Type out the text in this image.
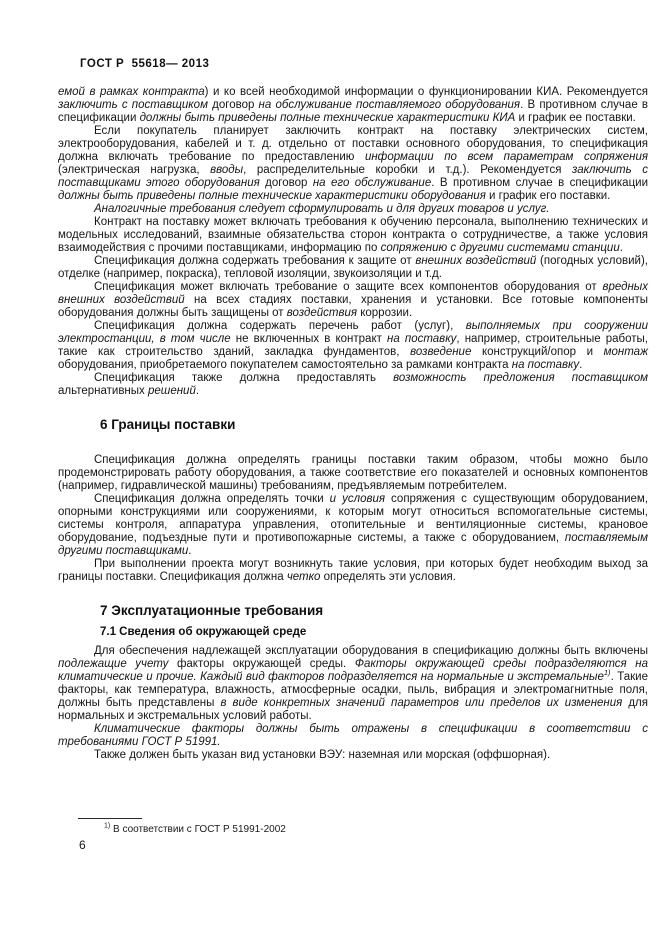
ГОСТ Р  55618— 2013

емой в рамках контракта) и ко всей необходимой информации о функционировании КИА. Рекомендуется заключить с поставщиком договор на обслуживание поставляемого оборудования. В противном случае в спецификации должны быть приведены полные технические характеристики КИА и график ее поставки.

Если покупатель планирует заключить контракт на поставку электрических систем, электрооборудования, кабелей и т. д. отдельно от поставки основного оборудования, то спецификация должна включать требование по предоставлению информации по всем параметрам сопряжения (электрическая нагрузка, вводы, распределительные коробки и т.д.). Рекомендуется заключить с поставщиками этого оборудования договор на его обслуживание. В противном случае в спецификации должны быть приведены полные технические характеристики оборудования и график его поставки.

Аналогичные требования следует сформулировать и для других товаров и услуг.

Контракт на поставку может включать требования к обучению персонала, выполнению технических и модельных исследований, взаимные обязательства сторон контракта о сотрудничестве, а также условия взаимодействия с прочими поставщиками, информацию по сопряжению с другими системами станции.

Спецификация должна содержать требования к защите от внешних воздействий (погодных условий), отделке (например, покраска), тепловой изоляции, звукоизоляции и т.д.

Спецификация может включать требование о защите всех компонентов оборудования от вредных внешних воздействий на всех стадиях поставки, хранения и установки. Все готовые компоненты оборудования должны быть защищены от воздействия коррозии.

Спецификация должна содержать перечень работ (услуг), выполняемых при сооружении электростанции, в том числе не включенных в контракт на поставку, например, строительные работы, такие как строительство зданий, закладка фундаментов, возведение конструкций/опор и монтаж оборудования, приобретаемого покупателем самостоятельно за рамками контракта на поставку.

Спецификация также должна предоставлять возможность предложения поставщиком альтернативных решений.

6 Границы поставки

Спецификация должна определять границы поставки таким образом, чтобы можно было продемонстрировать работу оборудования, а также соответствие его показателей и основных компонентов (например, гидравлической машины) требованиям, предъявляемым потребителем.

Спецификация должна определять точки и условия сопряжения с существующим оборудованием, опорными конструкциями или сооружениями, к которым могут относиться вспомогательные системы, системы контроля, аппаратура управления, отопительные и вентиляционные системы, крановое оборудование, подъездные пути и противопожарные системы, а также с оборудованием, поставляемым другими поставщиками.

При выполнении проекта могут возникнуть такие условия, при которых будет необходим выход за границы поставки. Спецификация должна четко определять эти условия.

7 Эксплуатационные требования
7.1 Сведения об окружающей среде

Для обеспечения надлежащей эксплуатации оборудования в спецификацию должны быть включены подлежащие учету факторы окружающей среды. Факторы окружающей среды подразделяются на климатические и прочие. Каждый вид факторов подразделяется на нормальные и экстремальные$^{1)}$. Такие факторы, как температура, влажность, атмосферные осадки, пыль, вибрация и электромагнитные поля, должны быть представлены в виде конкретных значений параметров или пределов их изменения для нормальных и экстремальных условий работы.

Климатические факторы должны быть отражены в спецификации в соответствии с требованиями ГОСТ Р 51991.

Также должен быть указан вид установки ВЭУ: наземная или морская (оффшорная).

$^{1)}$ В соответствии с ГОСТ Р 51991-2002
6
